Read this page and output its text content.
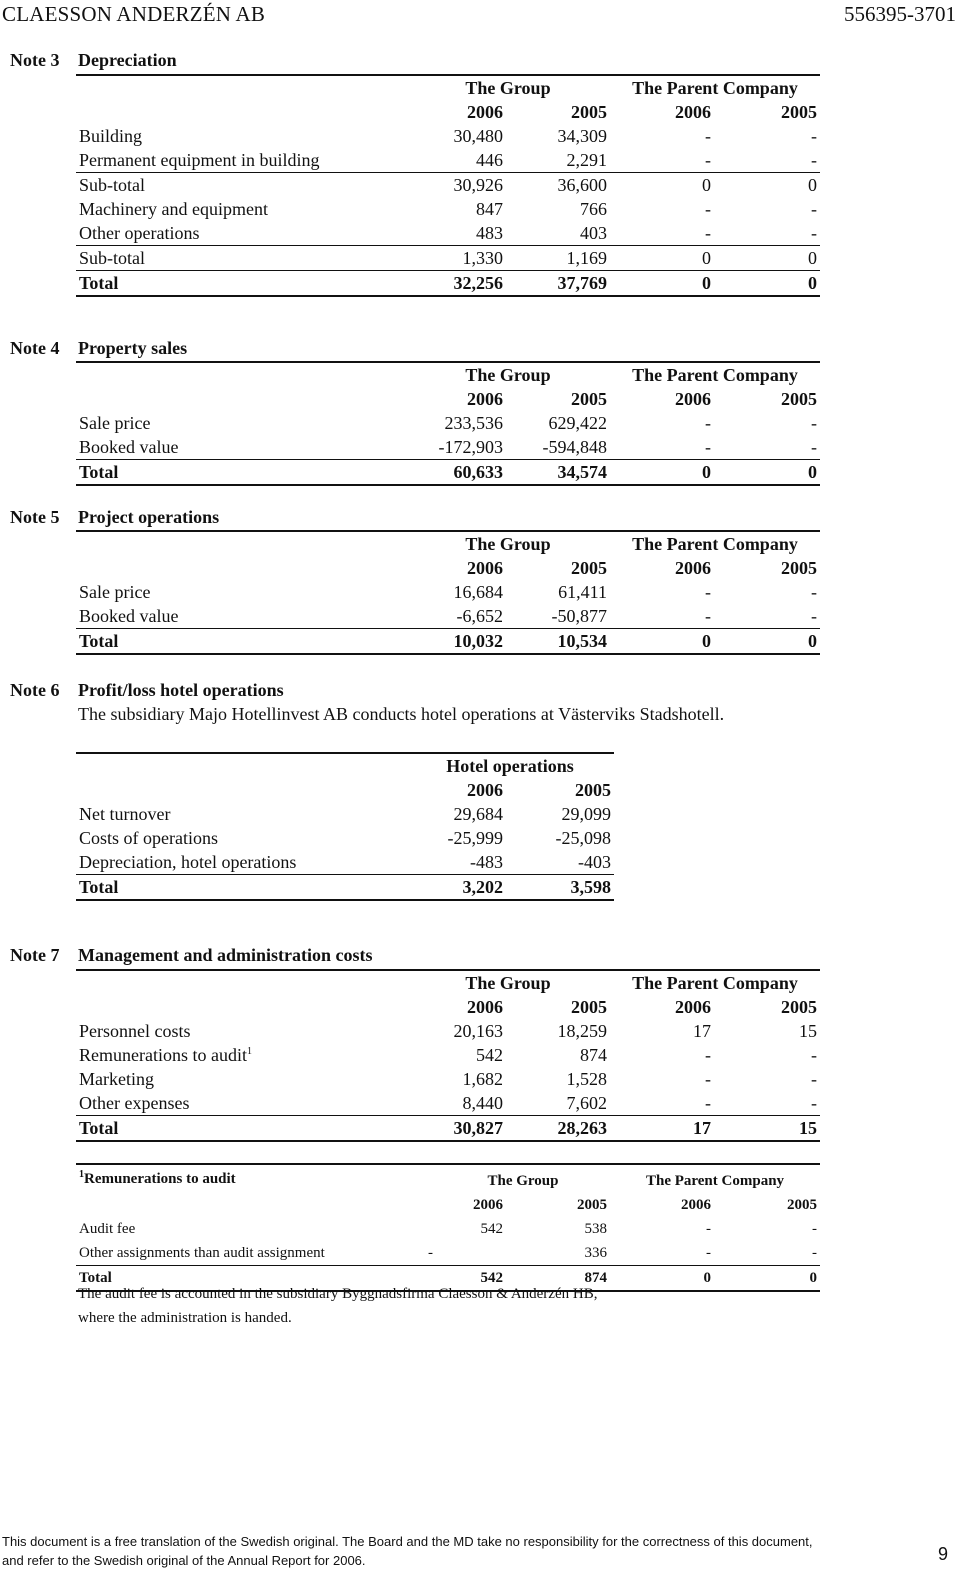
CLAESSON ANDERZÉN AB	556395-3701
Note 3 Depreciation
	The Group		The Parent Company	
	2006	2005	2006	2005
Building	30,480	34,309	-	-
Permanent equipment in building	446	2,291	-	-
Sub-total	30,926	36,600	0	0
Machinery and equipment	847	766	-	-
Other operations	483	403	-	-
Sub-total	1,330	1,169	0	0
Total	32,256	37,769	0	0
Note 4 Property sales
	The Group		The Parent Company	
	2006	2005	2006	2005
Sale price	233,536	629,422	-	-
Booked value	-172,903	-594,848	-	-
Total	60,633	34,574	0	0
Note 5 Project operations
	The Group		The Parent Company	
	2006	2005	2006	2005
Sale price	16,684	61,411	-	-
Booked value	-6,652	-50,877	-	-
Total	10,032	10,534	0	0
Note 6 Profit/loss hotel operations
The subsidiary Majo Hotellinvest AB conducts hotel operations at Västerviks Stadshotell.
	Hotel operations	
	2006	2005
Net turnover	29,684	29,099
Costs of operations	-25,999	-25,098
Depreciation, hotel operations	-483	-403
Total	3,202	3,598
Note 7 Management and administration costs
	The Group		The Parent Company	
	2006	2005	2006	2005
Personnel costs	20,163	18,259	17	15
Remunerations to audit$^1$	542	874	-	-
Marketing	1,682	1,528	-	-
Other expenses	8,440	7,602	-	-
Total	30,827	28,263	17	15
$^1$Remunerations to audit		The Group		The Parent Company	
		2006	2005	2006	2005
Audit fee		542	538	-	-
Other assignments than audit assignment	-		336	-	-
Total		542	874	0	0
The audit fee is accounted in the subsidiary Byggnadsfirma Claesson & Anderzén HB,
where the administration is handed.
This document is a free translation of the Swedish original. The Board and the MD take no responsibility for the correctness of this document,
and refer to the Swedish original of the Annual Report for 2006.	9
